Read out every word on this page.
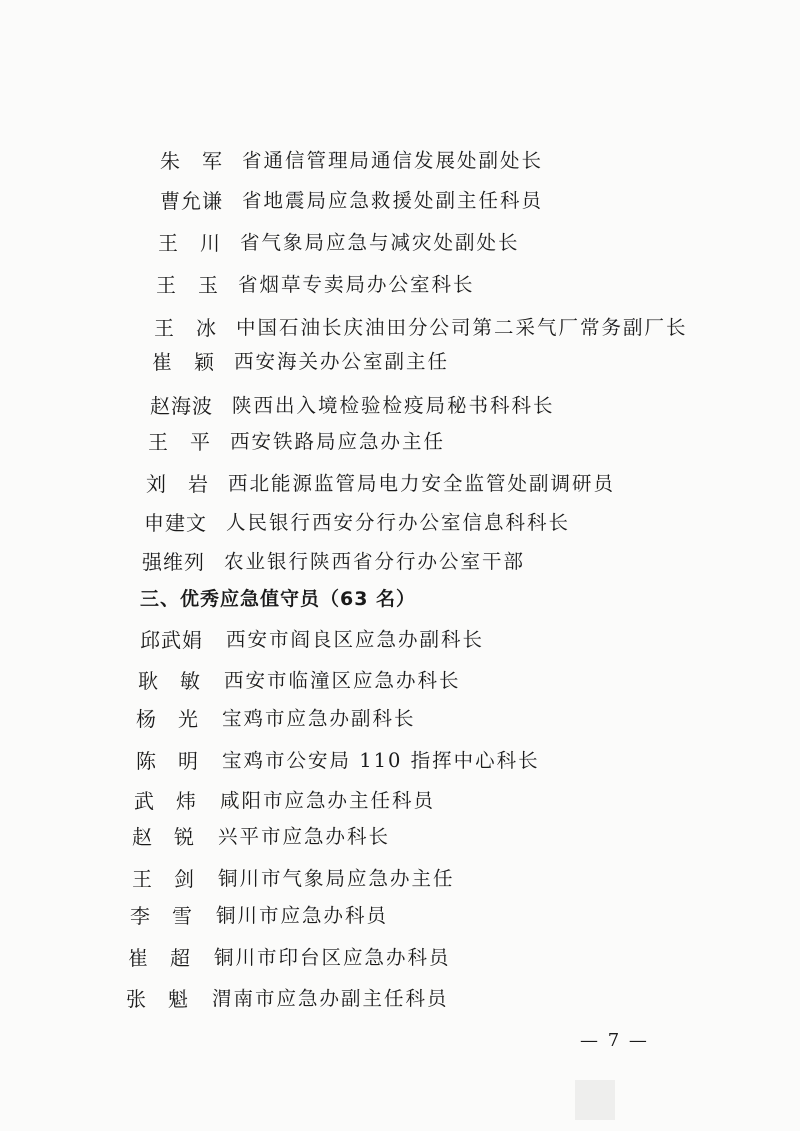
朱　军 省通信管理局通信发展处副处长
曹允谦 省地震局应急救援处副主任科员
王　川 省气象局应急与减灾处副处长
王　玉 省烟草专卖局办公室科长
王　冰 中国石油长庆油田分公司第二采气厂常务副厂长
崔　颖 西安海关办公室副主任
赵海波 陕西出入境检验检疫局秘书科科长
王　平 西安铁路局应急办主任
刘　岩 西北能源监管局电力安全监管处副调研员
申建文 人民银行西安分行办公室信息科科长
强维列 农业银行陕西省分行办公室干部
三、优秀应急值守员（63 名）
邱武娟	西安市阎良区应急办副科长
耿　敏	西安市临潼区应急办科长
杨　光	宝鸡市应急办副科长
陈　明	宝鸡市公安局 110 指挥中心科长
武　炜	咸阳市应急办主任科员
赵　锐	兴平市应急办科长
王　剑	铜川市气象局应急办主任
李　雪	铜川市应急办科员
崔　超	铜川市印台区应急办科员
张　魁	渭南市应急办副主任科员
— 7 —
